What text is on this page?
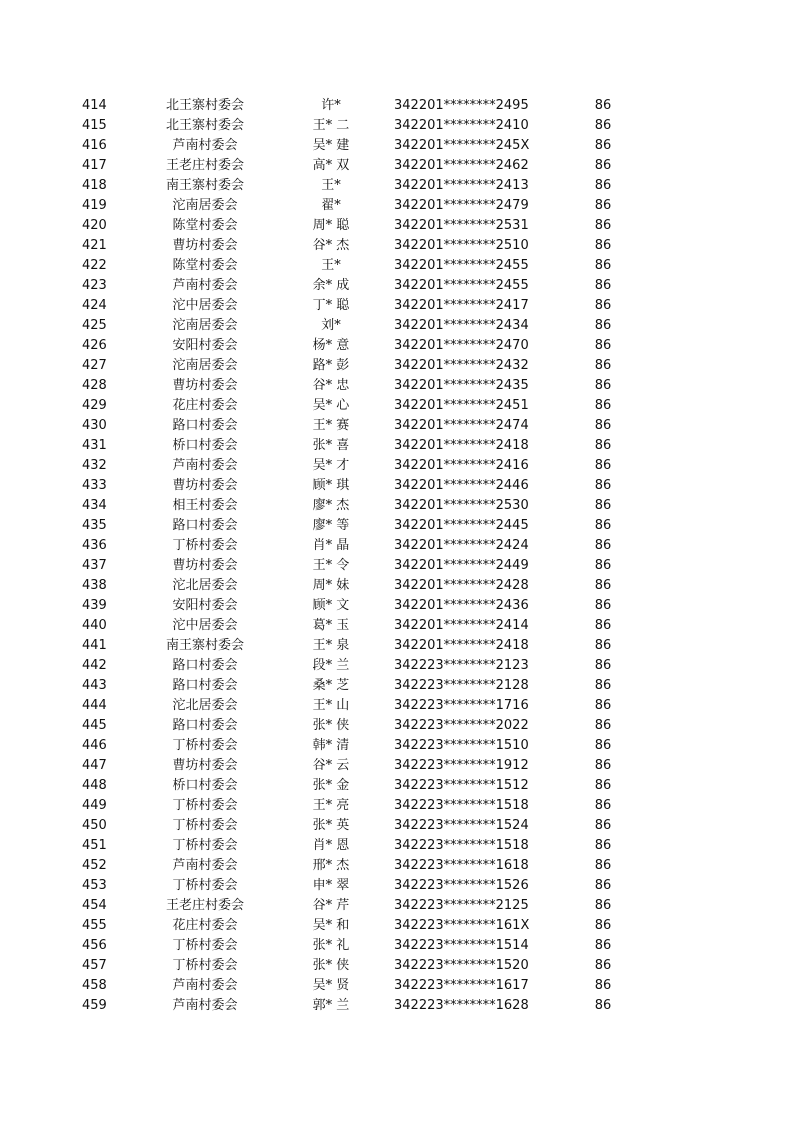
414	北王寨村委会	许*	342201********2495	86
415	北王寨村委会	王* 二	342201********2410	86
416	芦南村委会	吴* 建	342201********245X	86
417	王老庄村委会	高* 双	342201********2462	86
418	南王寨村委会	王*	342201********2413	86
419	沱南居委会	翟*	342201********2479	86
420	陈堂村委会	周* 聪	342201********2531	86
421	曹坊村委会	谷* 杰	342201********2510	86
422	陈堂村委会	王*	342201********2455	86
423	芦南村委会	余* 成	342201********2455	86
424	沱中居委会	丁* 聪	342201********2417	86
425	沱南居委会	刘*	342201********2434	86
426	安阳村委会	杨* 意	342201********2470	86
427	沱南居委会	路* 彭	342201********2432	86
428	曹坊村委会	谷* 忠	342201********2435	86
429	花庄村委会	吴* 心	342201********2451	86
430	路口村委会	王* 赛	342201********2474	86
431	桥口村委会	张* 喜	342201********2418	86
432	芦南村委会	吴* 才	342201********2416	86
433	曹坊村委会	顾* 琪	342201********2446	86
434	相王村委会	廖* 杰	342201********2530	86
435	路口村委会	廖* 等	342201********2445	86
436	丁桥村委会	肖* 晶	342201********2424	86
437	曹坊村委会	王* 令	342201********2449	86
438	沱北居委会	周* 妹	342201********2428	86
439	安阳村委会	顾* 文	342201********2436	86
440	沱中居委会	葛* 玉	342201********2414	86
441	南王寨村委会	王* 泉	342201********2418	86
442	路口村委会	段* 兰	342223********2123	86
443	路口村委会	桑* 芝	342223********2128	86
444	沱北居委会	王* 山	342223********1716	86
445	路口村委会	张* 侠	342223********2022	86
446	丁桥村委会	韩* 清	342223********1510	86
447	曹坊村委会	谷* 云	342223********1912	86
448	桥口村委会	张* 金	342223********1512	86
449	丁桥村委会	王* 亮	342223********1518	86
450	丁桥村委会	张* 英	342223********1524	86
451	丁桥村委会	肖* 恩	342223********1518	86
452	芦南村委会	邢* 杰	342223********1618	86
453	丁桥村委会	申* 翠	342223********1526	86
454	王老庄村委会	谷* 芹	342223********2125	86
455	花庄村委会	吴* 和	342223********161X	86
456	丁桥村委会	张* 礼	342223********1514	86
457	丁桥村委会	张* 侠	342223********1520	86
458	芦南村委会	吴* 贤	342223********1617	86
459	芦南村委会	郭* 兰	342223********1628	86
